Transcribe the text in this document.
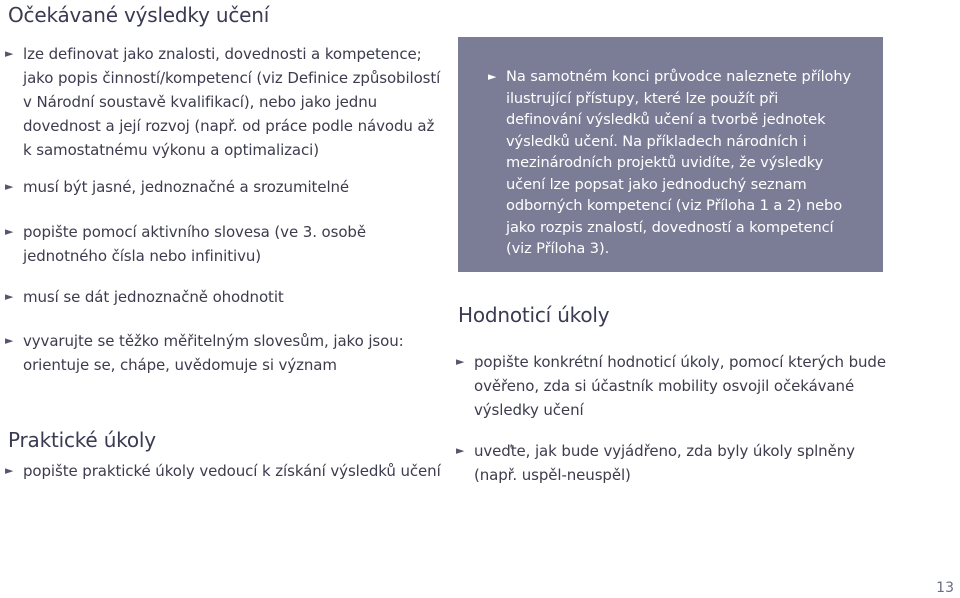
Očekávané výsledky učení
► lze definovat jako znalosti, dovednosti a kompetence; jako popis činností/kompetencí (viz Definice způsobilostí v Národní soustavě kvalifikací), nebo jako jednu dovednost a její rozvoj (např. od práce podle návodu až k samostatnému výkonu a optimalizaci)
► musí být jasné, jednoznačné a srozumitelné
► popište pomocí aktivního slovesa (ve 3. osobě jednotného čísla nebo infinitivu)
► musí se dát jednoznačně ohodnotit
► vyvarujte se těžko měřitelným slovesům, jako jsou: orientuje se, chápe, uvědomuje si význam
Praktické úkoly
► popište praktické úkoly vedoucí k získání výsledků učení
► Na samotném konci průvodce naleznete přílohy ilustrující přístupy, které lze použít při definování výsledků učení a tvorbě jednotek výsledků učení. Na příkladech národních i mezinárodních projektů uvidíte, že výsledky učení lze popsat jako jednoduchý seznam odborných kompetencí (viz Příloha 1 a 2) nebo jako rozpis znalostí, dovedností a kompetencí (viz Příloha 3).
Hodnoticí úkoly
► popište konkrétní hodnoticí úkoly, pomocí kterých bude ověřeno, zda si účastník mobility osvojil očekávané výsledky učení
► uveďte, jak bude vyjádřeno, zda byly úkoly splněny (např. uspěl-neuspěl)
13
